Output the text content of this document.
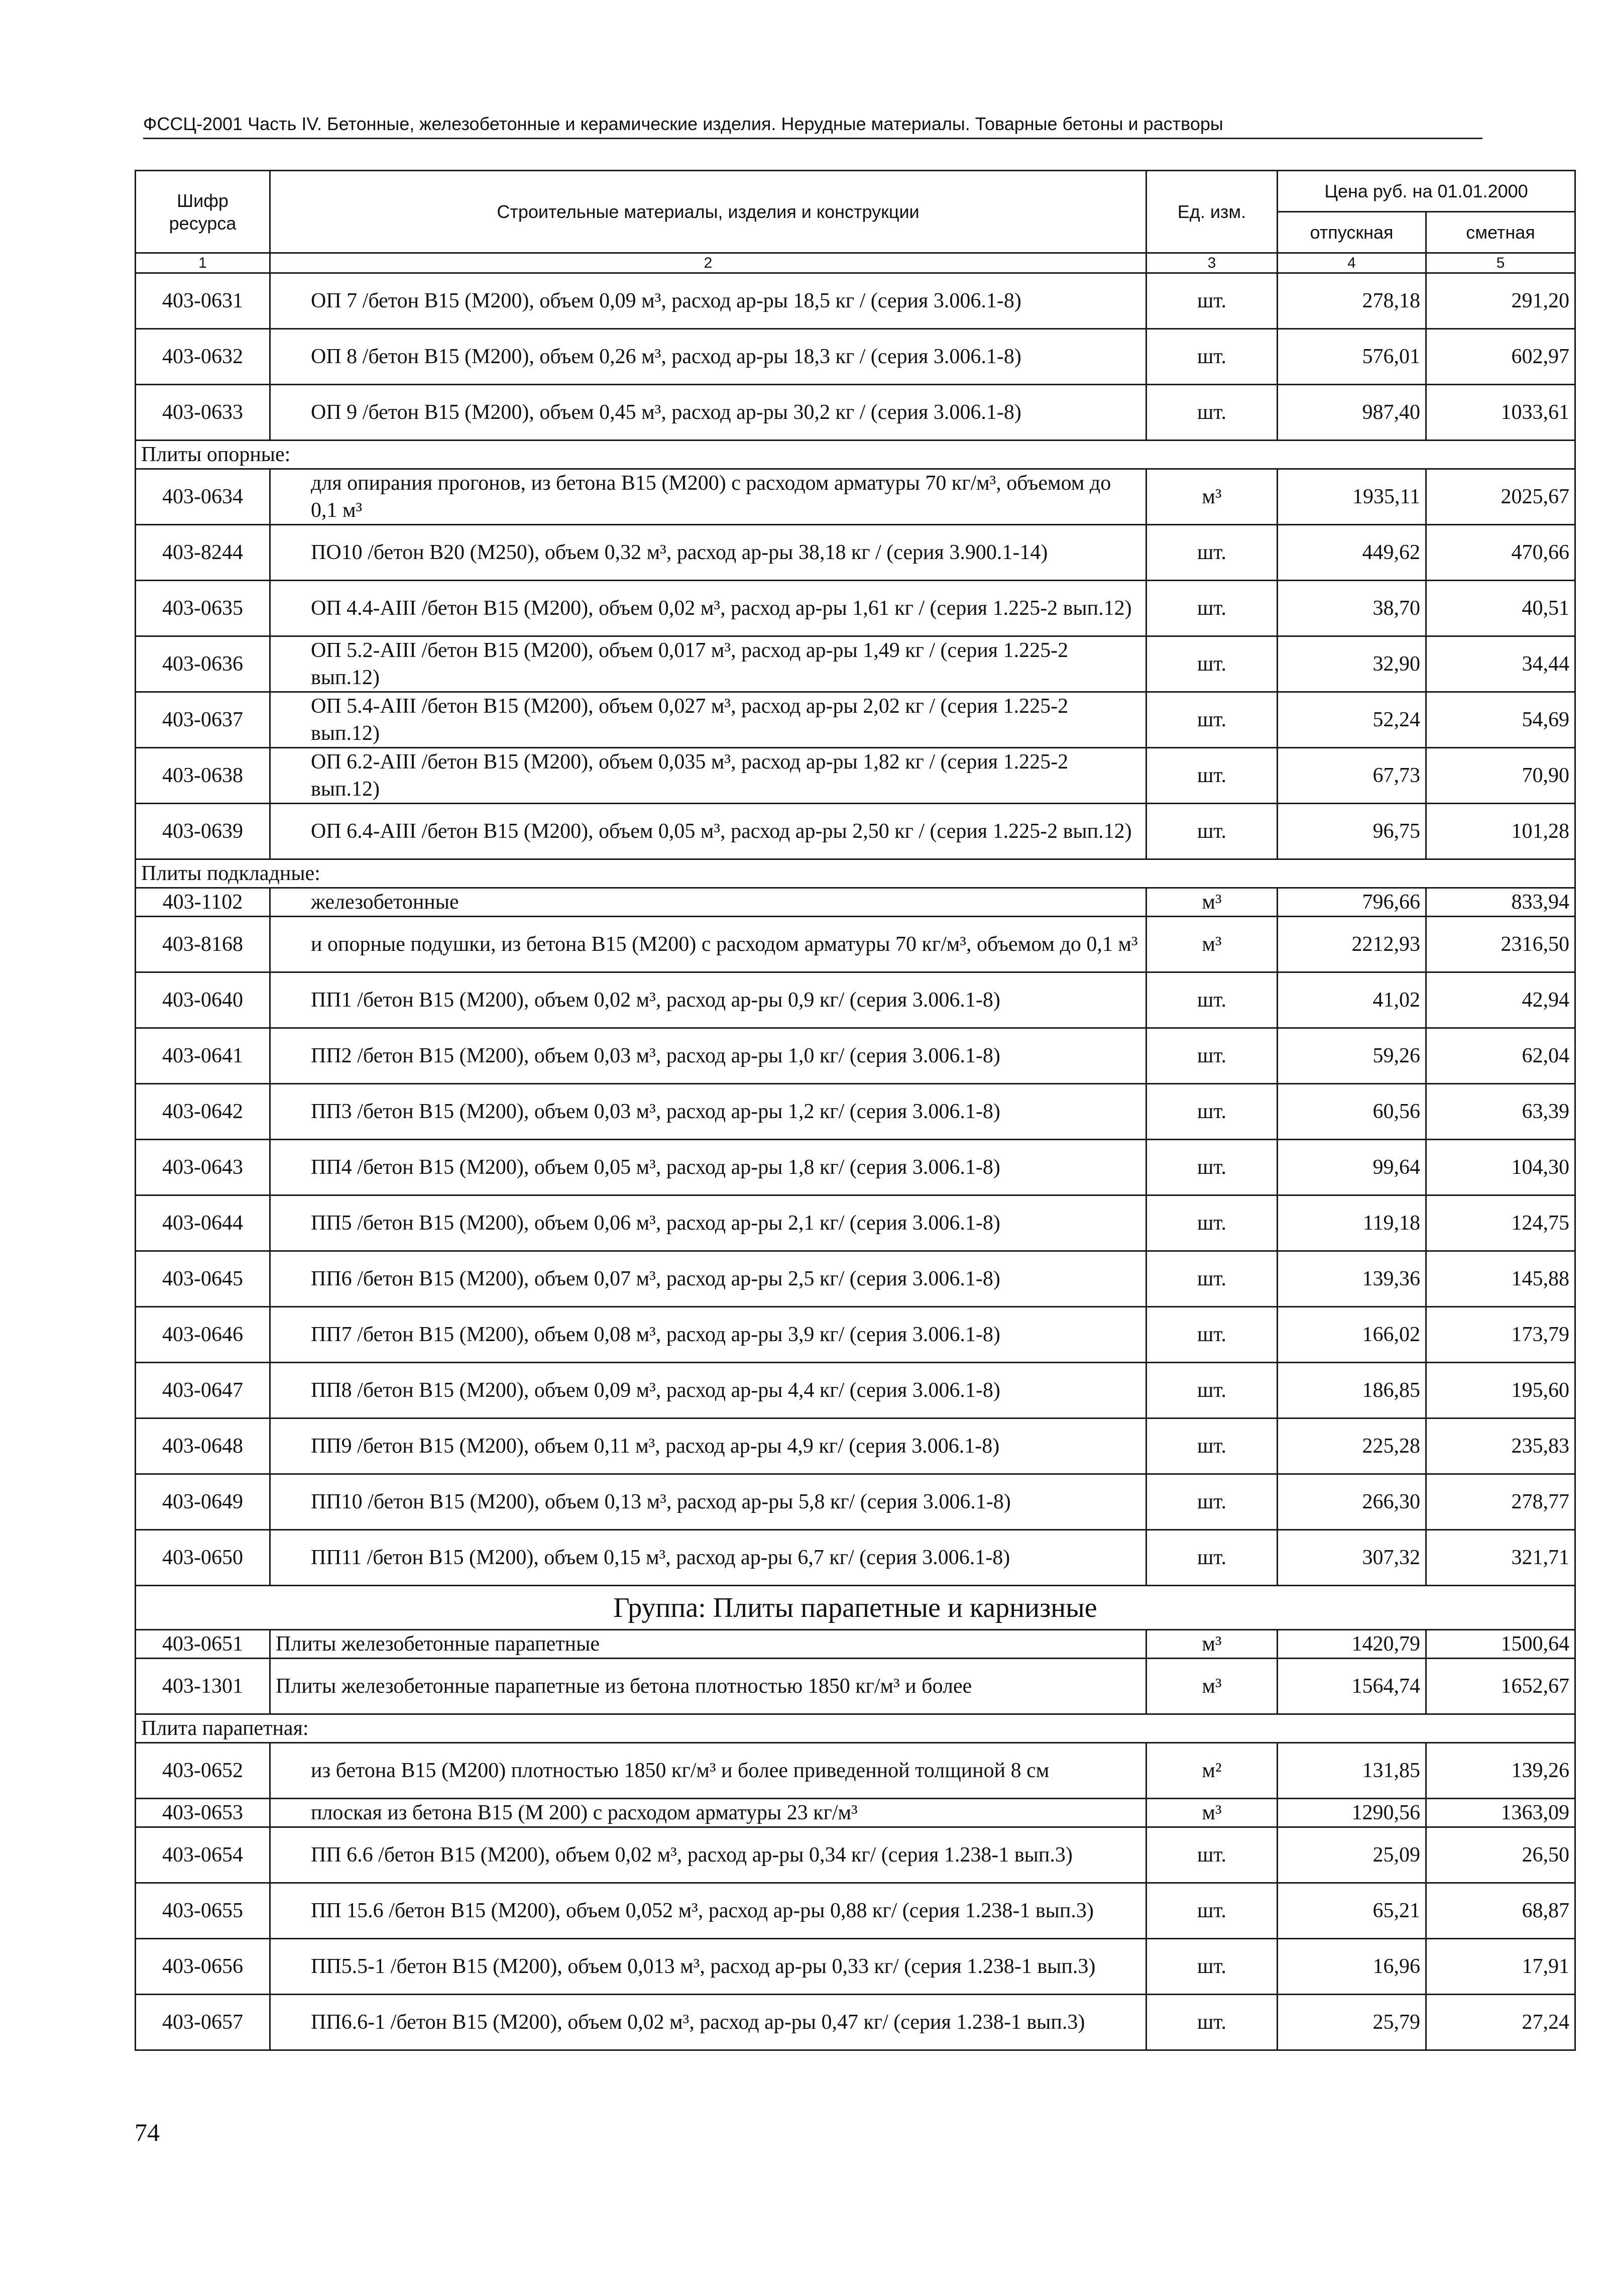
ФССЦ-2001 Часть IV. Бетонные, железобетонные и керамические изделия. Нерудные материалы. Товарные бетоны и растворы
Шифр ресурса	Строительные материалы, изделия и конструкции	Ед. изм.	Цена руб. на 01.01.2000	
			отпускная	сметная
1	2	3	4	5
403-0631	ОП 7 /бетон В15 (М200), объем 0,09 м³, расход ар-ры 18,5 кг / (серия 3.006.1-8)	шт.	278,18	291,20
403-0632	ОП 8 /бетон В15 (М200), объем 0,26 м³, расход ар-ры 18,3 кг / (серия 3.006.1-8)	шт.	576,01	602,97
403-0633	ОП 9 /бетон В15 (М200), объем 0,45 м³, расход ар-ры 30,2 кг / (серия 3.006.1-8)	шт.	987,40	1033,61
Плиты опорные:				
403-0634	для опирания прогонов, из бетона В15 (М200) с расходом арматуры 70 кг/м³, объемом до 0,1 м³	м³	1935,11	2025,67
403-8244	ПО10 /бетон В20 (М250), объем 0,32 м³, расход ар-ры 38,18 кг / (серия 3.900.1-14)	шт.	449,62	470,66
403-0635	ОП 4.4-AIII /бетон В15 (М200), объем 0,02 м³, расход ар-ры 1,61 кг / (серия 1.225-2 вып.12)	шт.	38,70	40,51
403-0636	ОП 5.2-AIII /бетон В15 (М200), объем 0,017 м³, расход ар-ры 1,49 кг / (серия 1.225-2 вып.12)	шт.	32,90	34,44
403-0637	ОП 5.4-AIII /бетон В15 (М200), объем 0,027 м³, расход ар-ры 2,02 кг / (серия 1.225-2 вып.12)	шт.	52,24	54,69
403-0638	ОП 6.2-AIII /бетон В15 (М200), объем 0,035 м³, расход ар-ры 1,82 кг / (серия 1.225-2 вып.12)	шт.	67,73	70,90
403-0639	ОП 6.4-AIII /бетон В15 (М200), объем 0,05 м³, расход ар-ры 2,50 кг / (серия 1.225-2 вып.12)	шт.	96,75	101,28
Плиты подкладные:				
403-1102	железобетонные	м³	796,66	833,94
403-8168	и опорные подушки, из бетона В15 (М200) с расходом арматуры 70 кг/м³, объемом до 0,1 м³	м³	2212,93	2316,50
403-0640	ПП1 /бетон В15 (М200), объем 0,02 м³, расход ар-ры 0,9 кг/ (серия 3.006.1-8)	шт.	41,02	42,94
403-0641	ПП2 /бетон В15 (М200), объем 0,03 м³, расход ар-ры 1,0 кг/ (серия 3.006.1-8)	шт.	59,26	62,04
403-0642	ПП3 /бетон В15 (М200), объем 0,03 м³, расход ар-ры 1,2 кг/ (серия 3.006.1-8)	шт.	60,56	63,39
403-0643	ПП4 /бетон В15 (М200), объем 0,05 м³, расход ар-ры 1,8 кг/ (серия 3.006.1-8)	шт.	99,64	104,30
403-0644	ПП5 /бетон В15 (М200), объем 0,06 м³, расход ар-ры 2,1 кг/ (серия 3.006.1-8)	шт.	119,18	124,75
403-0645	ПП6 /бетон В15 (М200), объем 0,07 м³, расход ар-ры 2,5 кг/ (серия 3.006.1-8)	шт.	139,36	145,88
403-0646	ПП7 /бетон В15 (М200), объем 0,08 м³, расход ар-ры 3,9 кг/ (серия 3.006.1-8)	шт.	166,02	173,79
403-0647	ПП8 /бетон В15 (М200), объем 0,09 м³, расход ар-ры 4,4 кг/ (серия 3.006.1-8)	шт.	186,85	195,60
403-0648	ПП9 /бетон В15 (М200), объем 0,11 м³, расход ар-ры 4,9 кг/ (серия 3.006.1-8)	шт.	225,28	235,83
403-0649	ПП10 /бетон В15 (М200), объем 0,13 м³, расход ар-ры 5,8 кг/ (серия 3.006.1-8)	шт.	266,30	278,77
403-0650	ПП11 /бетон В15 (М200), объем 0,15 м³, расход ар-ры 6,7 кг/ (серия 3.006.1-8)	шт.	307,32	321,71
Группа: Плиты парапетные и карнизные				
403-0651	Плиты железобетонные парапетные	м³	1420,79	1500,64
403-1301	Плиты железобетонные парапетные из бетона плотностью 1850 кг/м³ и более	м³	1564,74	1652,67
Плита парапетная:				
403-0652	из бетона В15 (М200) плотностью 1850 кг/м³ и более приведенной толщиной 8 см	м²	131,85	139,26
403-0653	плоская из бетона В15 (М 200) с расходом арматуры 23 кг/м³	м³	1290,56	1363,09
403-0654	ПП 6.6 /бетон В15 (М200), объем 0,02 м³, расход ар-ры 0,34 кг/ (серия 1.238-1 вып.3)	шт.	25,09	26,50
403-0655	ПП 15.6 /бетон В15 (М200), объем 0,052 м³, расход ар-ры 0,88 кг/ (серия 1.238-1 вып.3)	шт.	65,21	68,87
403-0656	ПП5.5-1 /бетон В15 (М200), объем 0,013 м³, расход ар-ры 0,33 кг/ (серия 1.238-1 вып.3)	шт.	16,96	17,91
403-0657	ПП6.6-1 /бетон В15 (М200), объем 0,02 м³, расход ар-ры 0,47 кг/ (серия 1.238-1 вып.3)	шт.	25,79	27,24
74
